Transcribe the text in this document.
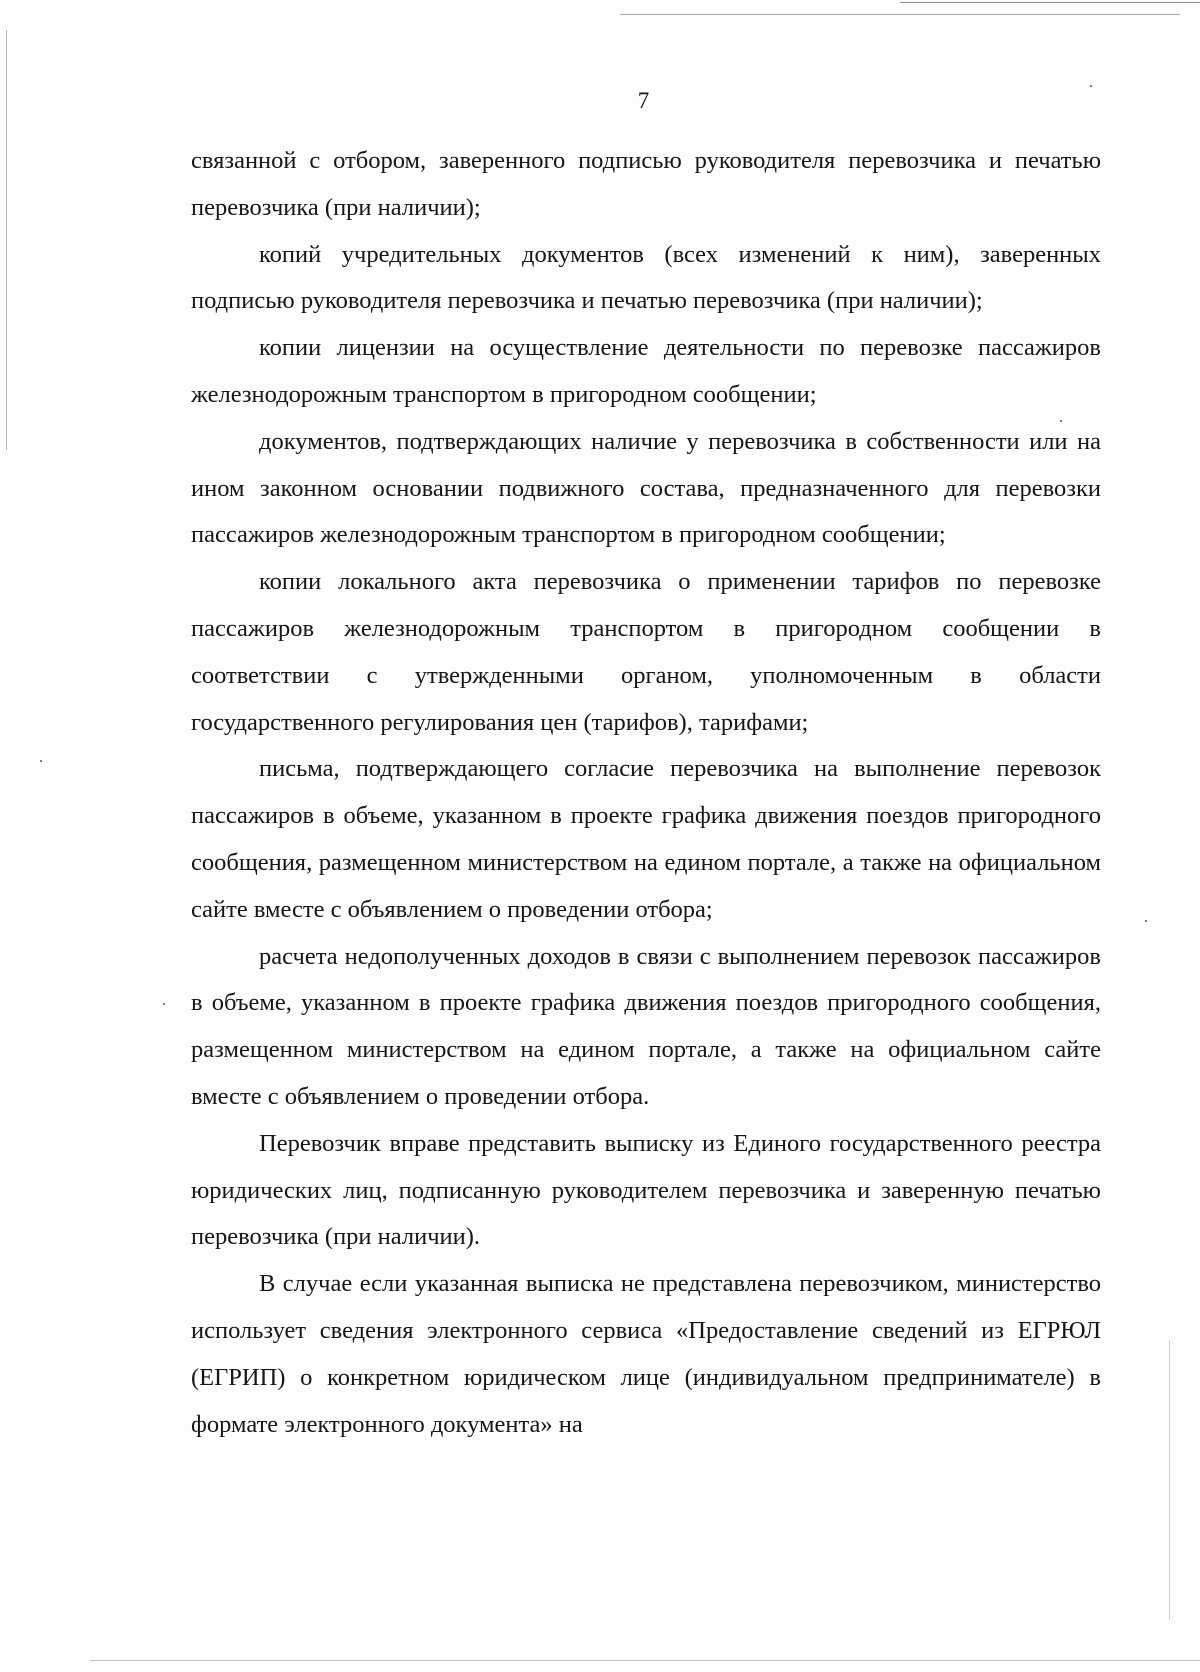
7

связанной с отбором, заверенного подписью руководителя перевозчика и печатью перевозчика (при наличии);

копий учредительных документов (всех изменений к ним), заверенных подписью руководителя перевозчика и печатью перевозчика (при наличии);

копии лицензии на осуществление деятельности по перевозке пассажиров железнодорожным транспортом в пригородном сообщении;

документов, подтверждающих наличие у перевозчика в собственности или на ином законном основании подвижного состава, предназначенного для перевозки пассажиров железнодорожным транспортом в пригородном сообщении;

копии локального акта перевозчика о применении тарифов по перевозке пассажиров железнодорожным транспортом в пригородном сообщении в соответствии с утвержденными органом, уполномоченным в области государственного регулирования цен (тарифов), тарифами;

письма, подтверждающего согласие перевозчика на выполнение перевозок пассажиров в объеме, указанном в проекте графика движения поездов пригородного сообщения, размещенном министерством на едином портале, а также на официальном сайте вместе с объявлением о проведении отбора;

расчета недополученных доходов в связи с выполнением перевозок пассажиров в объеме, указанном в проекте графика движения поездов пригородного сообщения, размещенном министерством на едином портале, а также на официальном сайте вместе с объявлением о проведении отбора.

Перевозчик вправе представить выписку из Единого государственного реестра юридических лиц, подписанную руководителем перевозчика и заверенную печатью перевозчика (при наличии).

В случае если указанная выписка не представлена перевозчиком, министерство использует сведения электронного сервиса «Предоставление сведений из ЕГРЮЛ (ЕГРИП) о конкретном юридическом лице (индивидуальном предпринимателе) в формате электронного документа» на
